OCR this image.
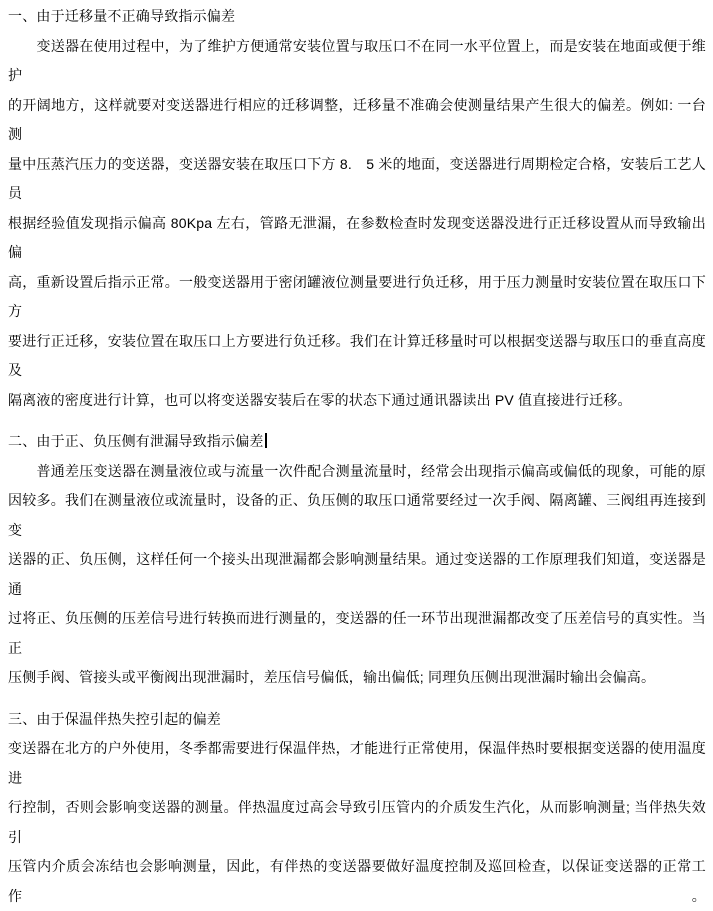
一、由于迁移量不正确导致指示偏差
　　变送器在使用过程中，为了维护方便通常安装位置与取压口不在同一水平位置上，而是安装在地面或便于维护
的开阔地方，这样就要对变送器进行相应的迁移调整，迁移量不准确会使测量结果产生很大的偏差。例如: 一台测
量中压蒸汽压力的变送器，变送器安装在取压口下方 8.　5 米的地面，变送器进行周期检定合格，安装后工艺人员
根据经验值发现指示偏高 80Kpa 左右，管路无泄漏，在参数检查时发现变送器没进行正迁移设置从而导致输出偏
高，重新设置后指示正常。一般变送器用于密闭罐液位测量要进行负迁移，用于压力测量时安装位置在取压口下方
要进行正迁移，安装位置在取压口上方要进行负迁移。我们在计算迁移量时可以根据变送器与取压口的垂直高度及
隔离液的密度进行计算，也可以将变送器安装后在零的状态下通过通讯器读出 PV 值直接进行迁移。
二、由于正、负压侧有泄漏导致指示偏差
　　普通差压变送器在测量液位或与流量一次件配合测量流量时，经常会出现指示偏高或偏低的现象，可能的原
因较多。我们在测量液位或流量时，设备的正、负压侧的取压口通常要经过一次手阀、隔离罐、三阀组再连接到变
送器的正、负压侧，这样任何一个接头出现泄漏都会影响测量结果。通过变送器的工作原理我们知道，变送器是通
过将正、负压侧的压差信号进行转换而进行测量的，变送器的任一环节出现泄漏都改变了压差信号的真实性。当正
压侧手阀、管接头或平衡阀出现泄漏时，差压信号偏低，输出偏低; 同理负压侧出现泄漏时输出会偏高。
三、由于保温伴热失控引起的偏差
变送器在北方的户外使用，冬季都需要进行保温伴热，才能进行正常使用，保温伴热时要根据变送器的使用温度进
行控制，否则会影响变送器的测量。伴热温度过高会导致引压管内的介质发生汽化，从而影响测量; 当伴热失效引
压管内介质会冻结也会影响测量，因此，有伴热的变送器要做好温度控制及巡回检查，以保证变送器的正常工作。
